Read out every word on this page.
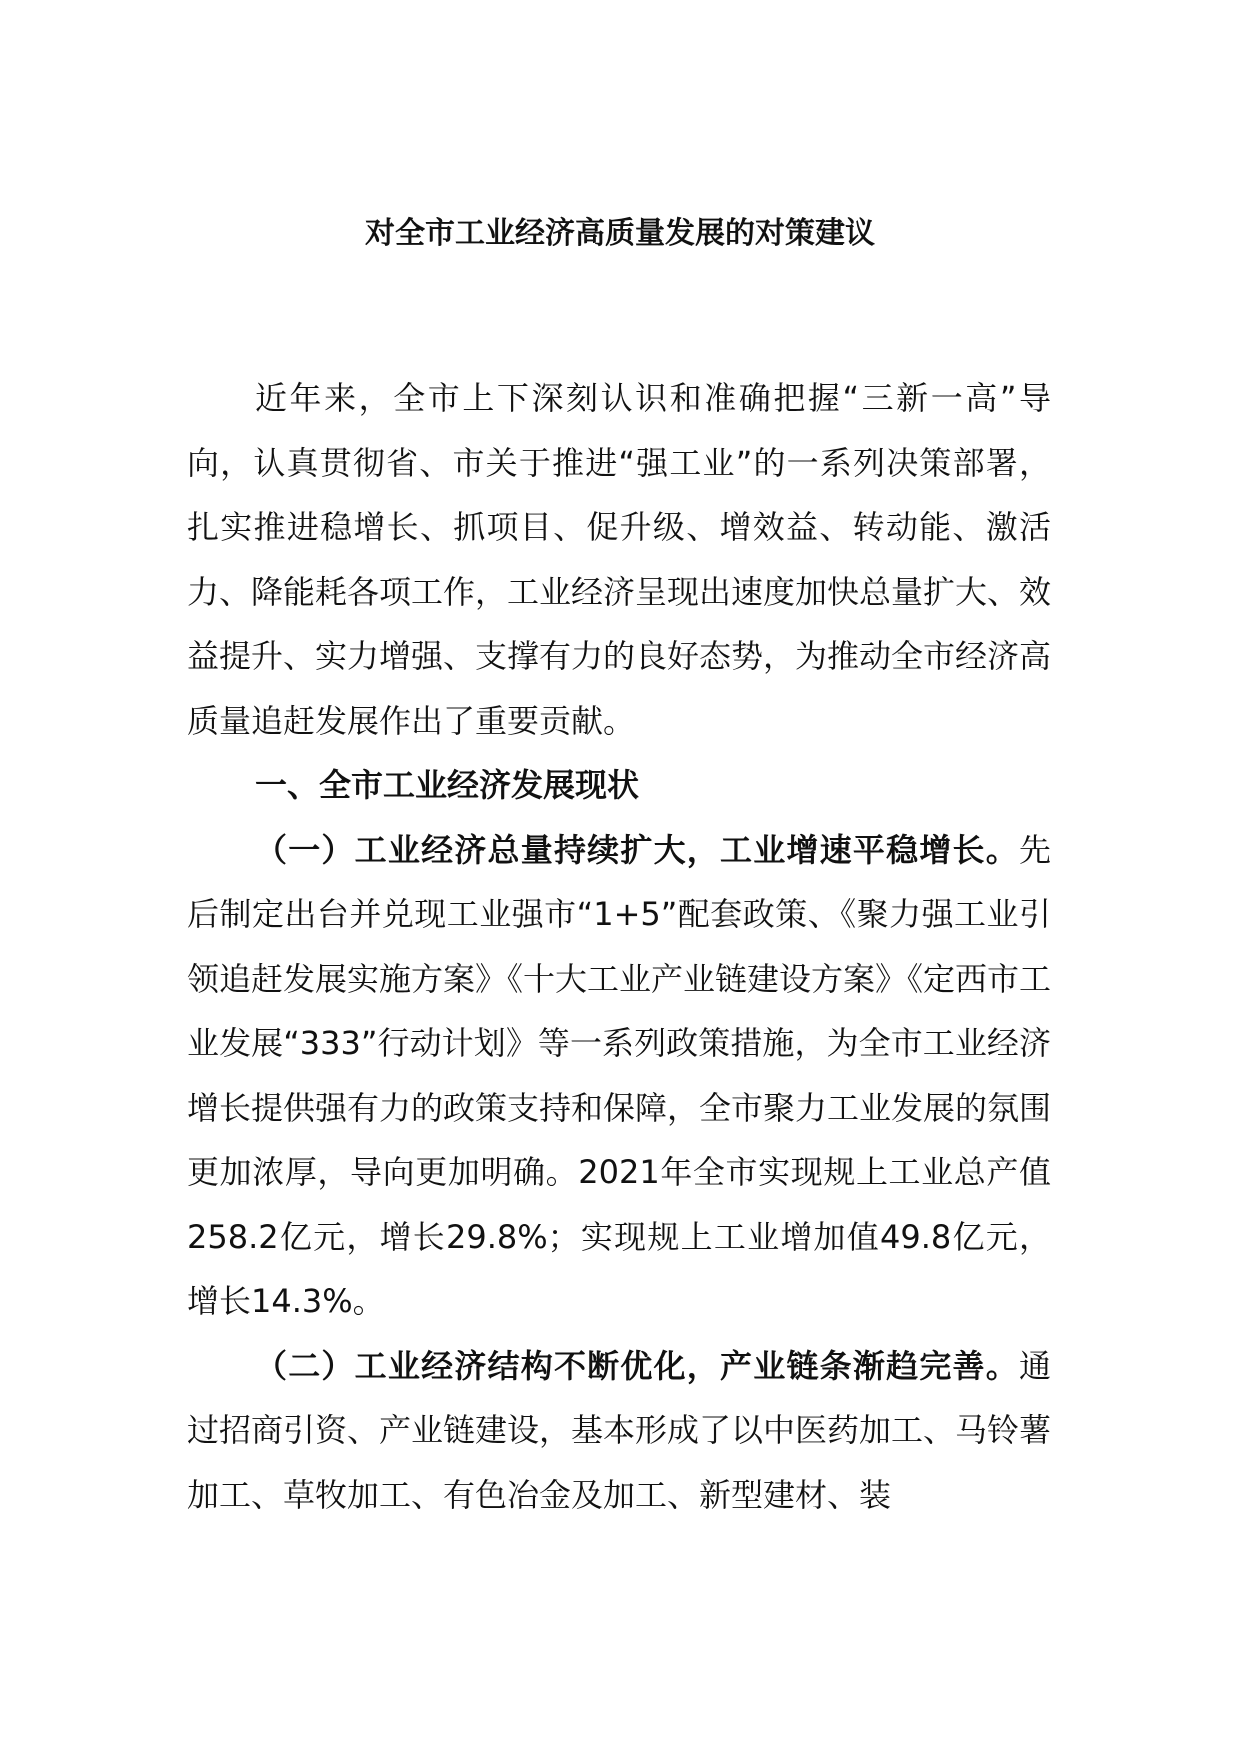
对全市工业经济高质量发展的对策建议

近年来，全市上下深刻认识和准确把握“三新一高”导向，认真贯彻省、市关于推进“强工业”的一系列决策部署，扎实推进稳增长、抓项目、促升级、增效益、转动能、激活力、降能耗各项工作，工业经济呈现出速度加快总量扩大、效益提升、实力增强、支撑有力的良好态势，为推动全市经济高质量追赶发展作出了重要贡献。

一、全市工业经济发展现状

（一）工业经济总量持续扩大，工业增速平稳增长。先后制定出台并兑现工业强市“1+5”配套政策、《聚力强工业引领追赶发展实施方案》《十大工业产业链建设方案》《定西市工业发展“333”行动计划》等一系列政策措施，为全市工业经济增长提供强有力的政策支持和保障，全市聚力工业发展的氛围更加浓厚，导向更加明确。2021年全市实现规上工业总产值258.2亿元，增长29.8%；实现规上工业增加值49.8亿元，增长14.3%。

（二）工业经济结构不断优化，产业链条渐趋完善。通过招商引资、产业链建设，基本形成了以中医药加工、马铃薯加工、草牧加工、有色冶金及加工、新型建材、装
